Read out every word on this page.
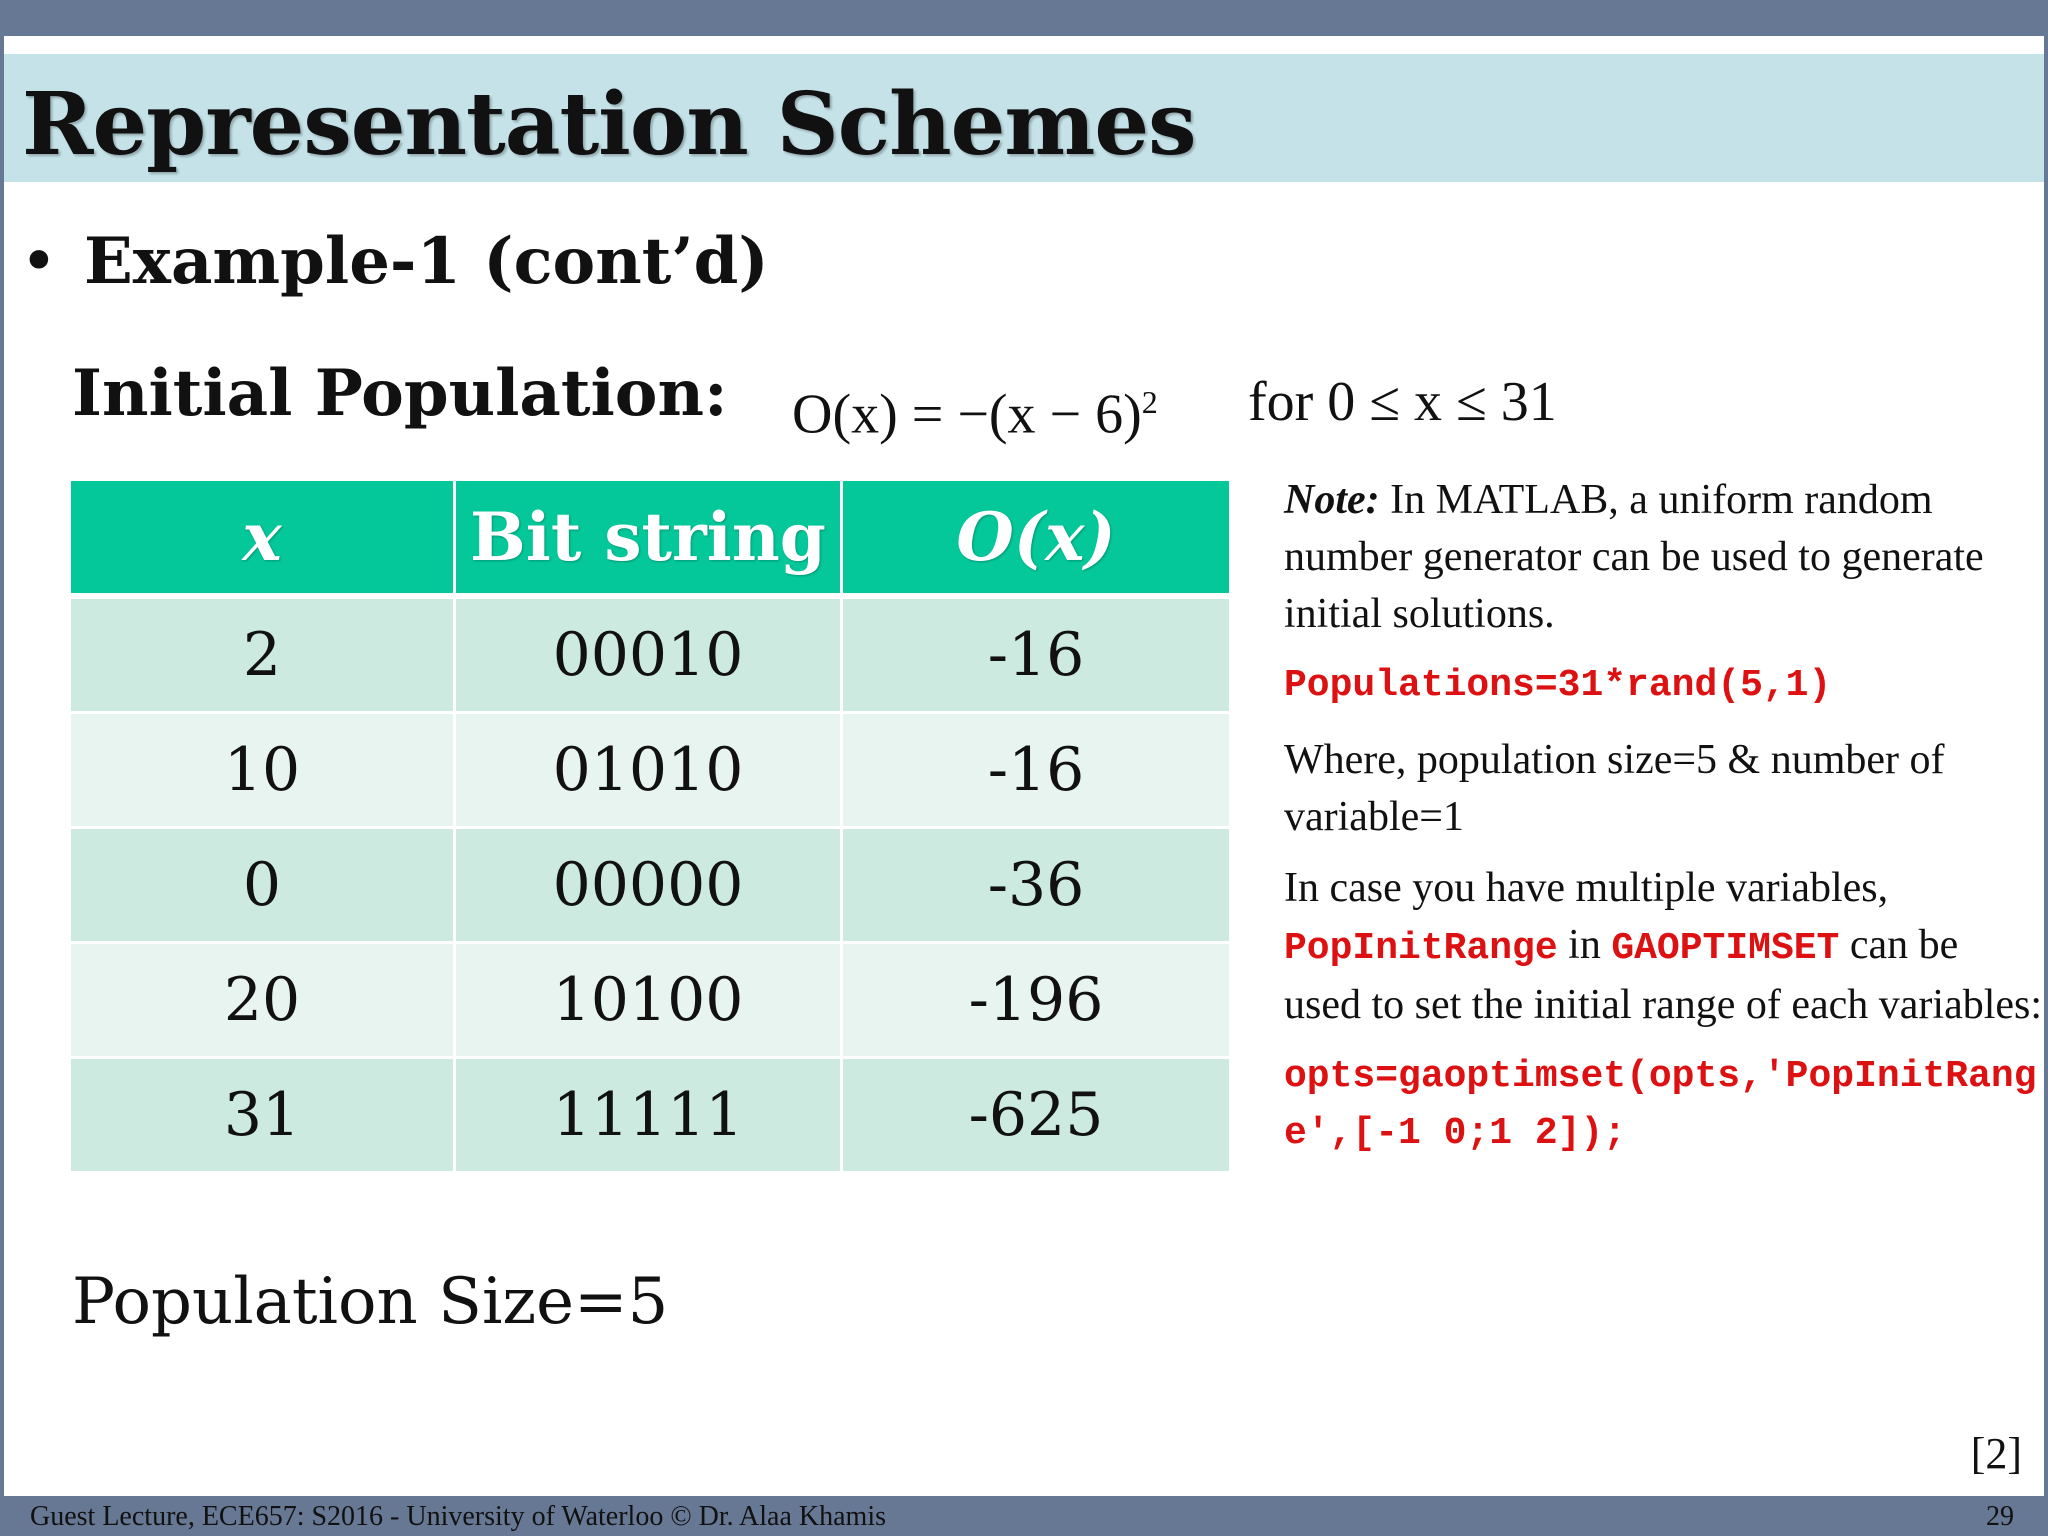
Representation Schemes
• Example-1 (cont’d)
Initial Population: $O(x) = -(x - 6)^2$ for 0 ≤ x ≤ 31
x	Bit string	O(x)
2	00010	-16
10	01010	-16
0	00000	-36
20	10100	-196
31	11111	-625
Population Size=5

Note: In MATLAB, a uniform random number generator can be used to generate initial solutions.

Populations=31*rand(5,1)

Where, population size=5 & number of variable=1

In case you have multiple variables,
PopInitRange in GAOPTIMSET can be used to set the initial range of each variables:

opts=gaoptimset(opts,'PopInitRange',[-1 0;1 2]);
[2]
Guest Lecture, ECE657: S2016 - University of Waterloo © Dr. Alaa Khamis	29
